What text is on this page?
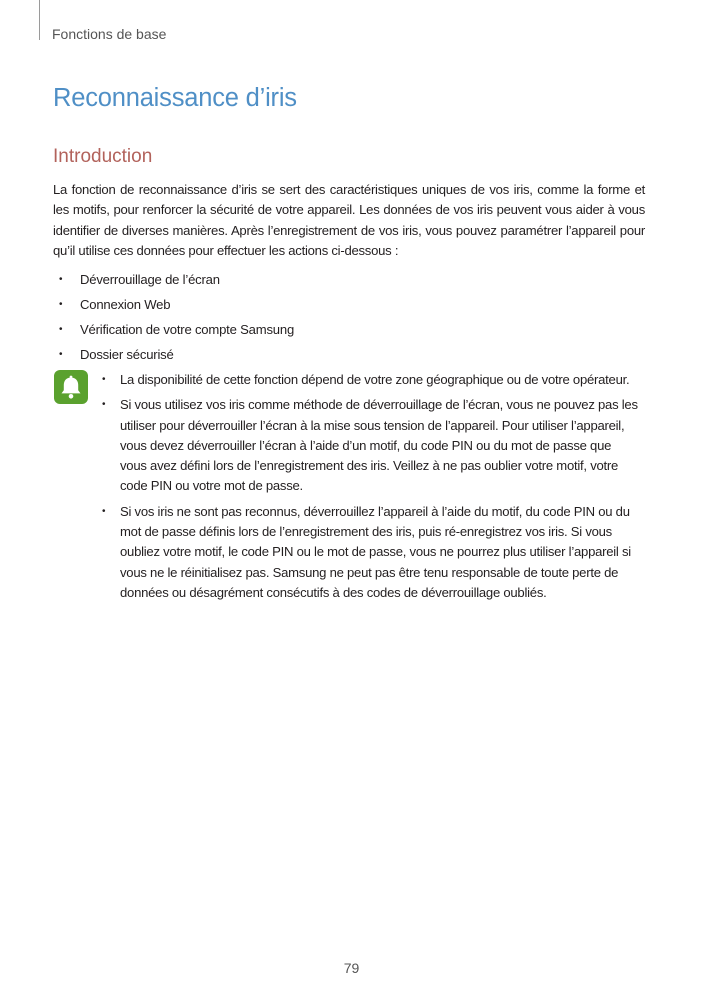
Fonctions de base
Reconnaissance d’iris
Introduction

La fonction de reconnaissance d’iris se sert des caractéristiques uniques de vos iris, comme la forme et les motifs, pour renforcer la sécurité de votre appareil. Les données de vos iris peuvent vous aider à vous identifier de diverses manières. Après l’enregistrement de vos iris, vous pouvez paramétrer l’appareil pour qu’il utilise ces données pour effectuer les actions ci-dessous :

• Déverrouillage de l’écran
• Connexion Web
• Vérification de votre compte Samsung
• Dossier sécurisé
• La disponibilité de cette fonction dépend de votre zone géographique ou de votre opérateur.
• Si vous utilisez vos iris comme méthode de déverrouillage de l’écran, vous ne pouvez pas les utiliser pour déverrouiller l’écran à la mise sous tension de l’appareil. Pour utiliser l’appareil, vous devez déverrouiller l’écran à l’aide d’un motif, du code PIN ou du mot de passe que vous avez défini lors de l’enregistrement des iris. Veillez à ne pas oublier votre motif, votre code PIN ou votre mot de passe.
• Si vos iris ne sont pas reconnus, déverrouillez l’appareil à l’aide du motif, du code PIN ou du mot de passe définis lors de l’enregistrement des iris, puis ré-enregistrez vos iris. Si vous oubliez votre motif, le code PIN ou le mot de passe, vous ne pourrez plus utiliser l’appareil si vous ne le réinitialisez pas. Samsung ne peut pas être tenu responsable de toute perte de données ou désagrément consécutifs à des codes de déverrouillage oubliés.
79
